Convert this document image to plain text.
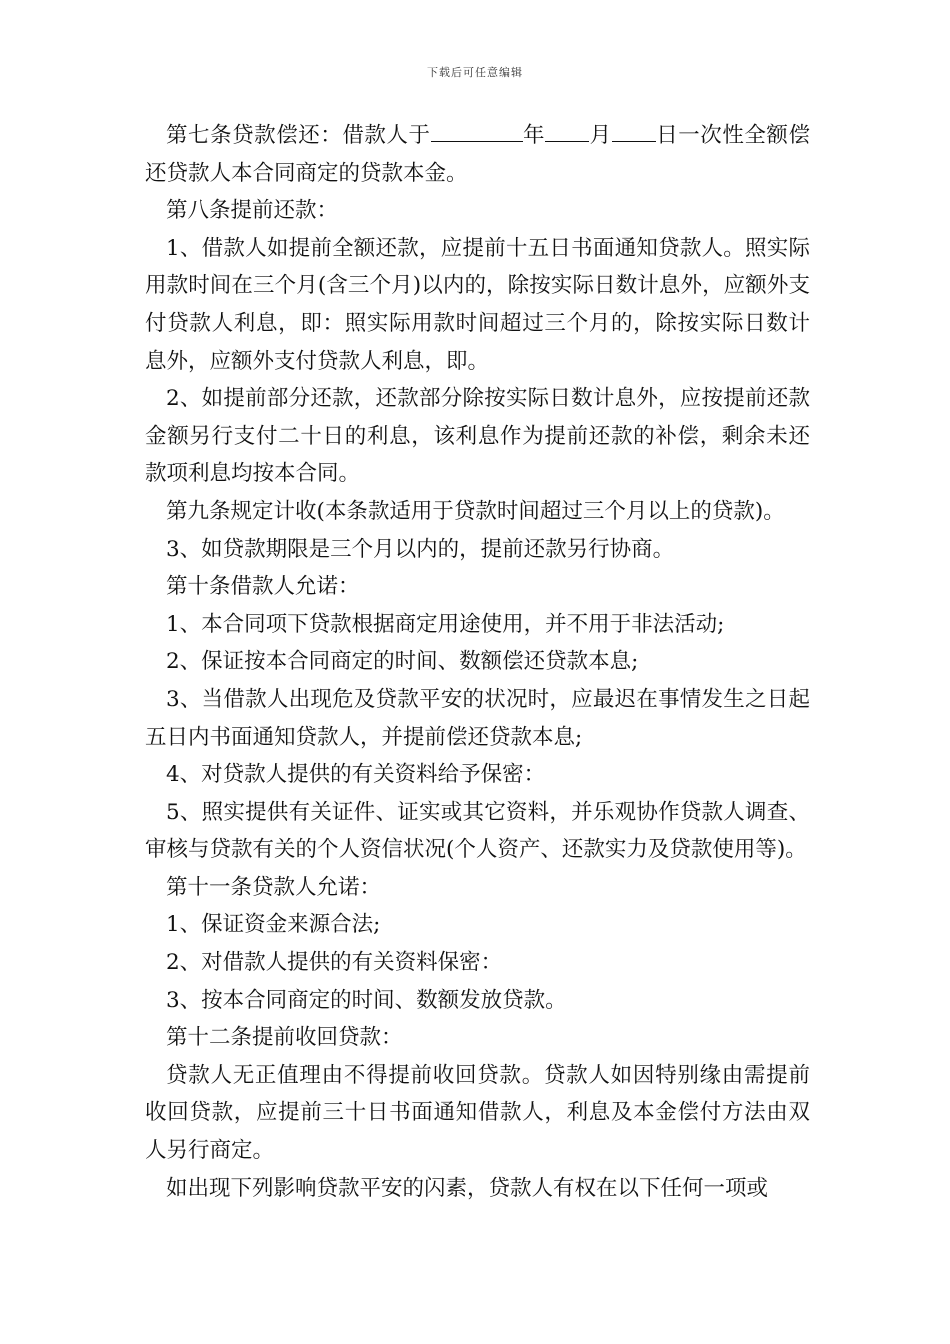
下载后可任意编辑

第七条贷款偿还：借款人于	年 月 日一次性全额偿还贷款人本合同商定的贷款本金。

第八条提前还款：

1、借款人如提前全额还款，应提前十五日书面通知贷款人。照实际用款时间在三个月(含三个月)以内的，除按实际日数计息外，应额外支付贷款人利息，即：照实际用款时间超过三个月的，除按实际日数计息外，应额外支付贷款人利息，即。

2、如提前部分还款，还款部分除按实际日数计息外，应按提前还款金额另行支付二十日的利息，该利息作为提前还款的补偿，剩余未还款项利息均按本合同。

第九条规定计收(本条款适用于贷款时间超过三个月以上的贷款)。

3、如贷款期限是三个月以内的，提前还款另行协商。

第十条借款人允诺：

1、本合同项下贷款根据商定用途使用，并不用于非法活动;

2、保证按本合同商定的时间、数额偿还贷款本息;

3、当借款人出现危及贷款平安的状况时，应最迟在事情发生之日起五日内书面通知贷款人，并提前偿还贷款本息;

4、对贷款人提供的有关资料给予保密：

5、照实提供有关证件、证实或其它资料，并乐观协作贷款人调查、审核与贷款有关的个人资信状况(个人资产、还款实力及贷款使用等)。

第十一条贷款人允诺：

1、保证资金来源合法;

2、对借款人提供的有关资料保密：

3、按本合同商定的时间、数额发放贷款。

第十二条提前收回贷款：

贷款人无正值理由不得提前收回贷款。贷款人如因特别缘由需提前收回贷款，应提前三十日书面通知借款人，利息及本金偿付方法由双人另行商定。

如出现下列影响贷款平安的闪素，贷款人有权在以下任何一项或
